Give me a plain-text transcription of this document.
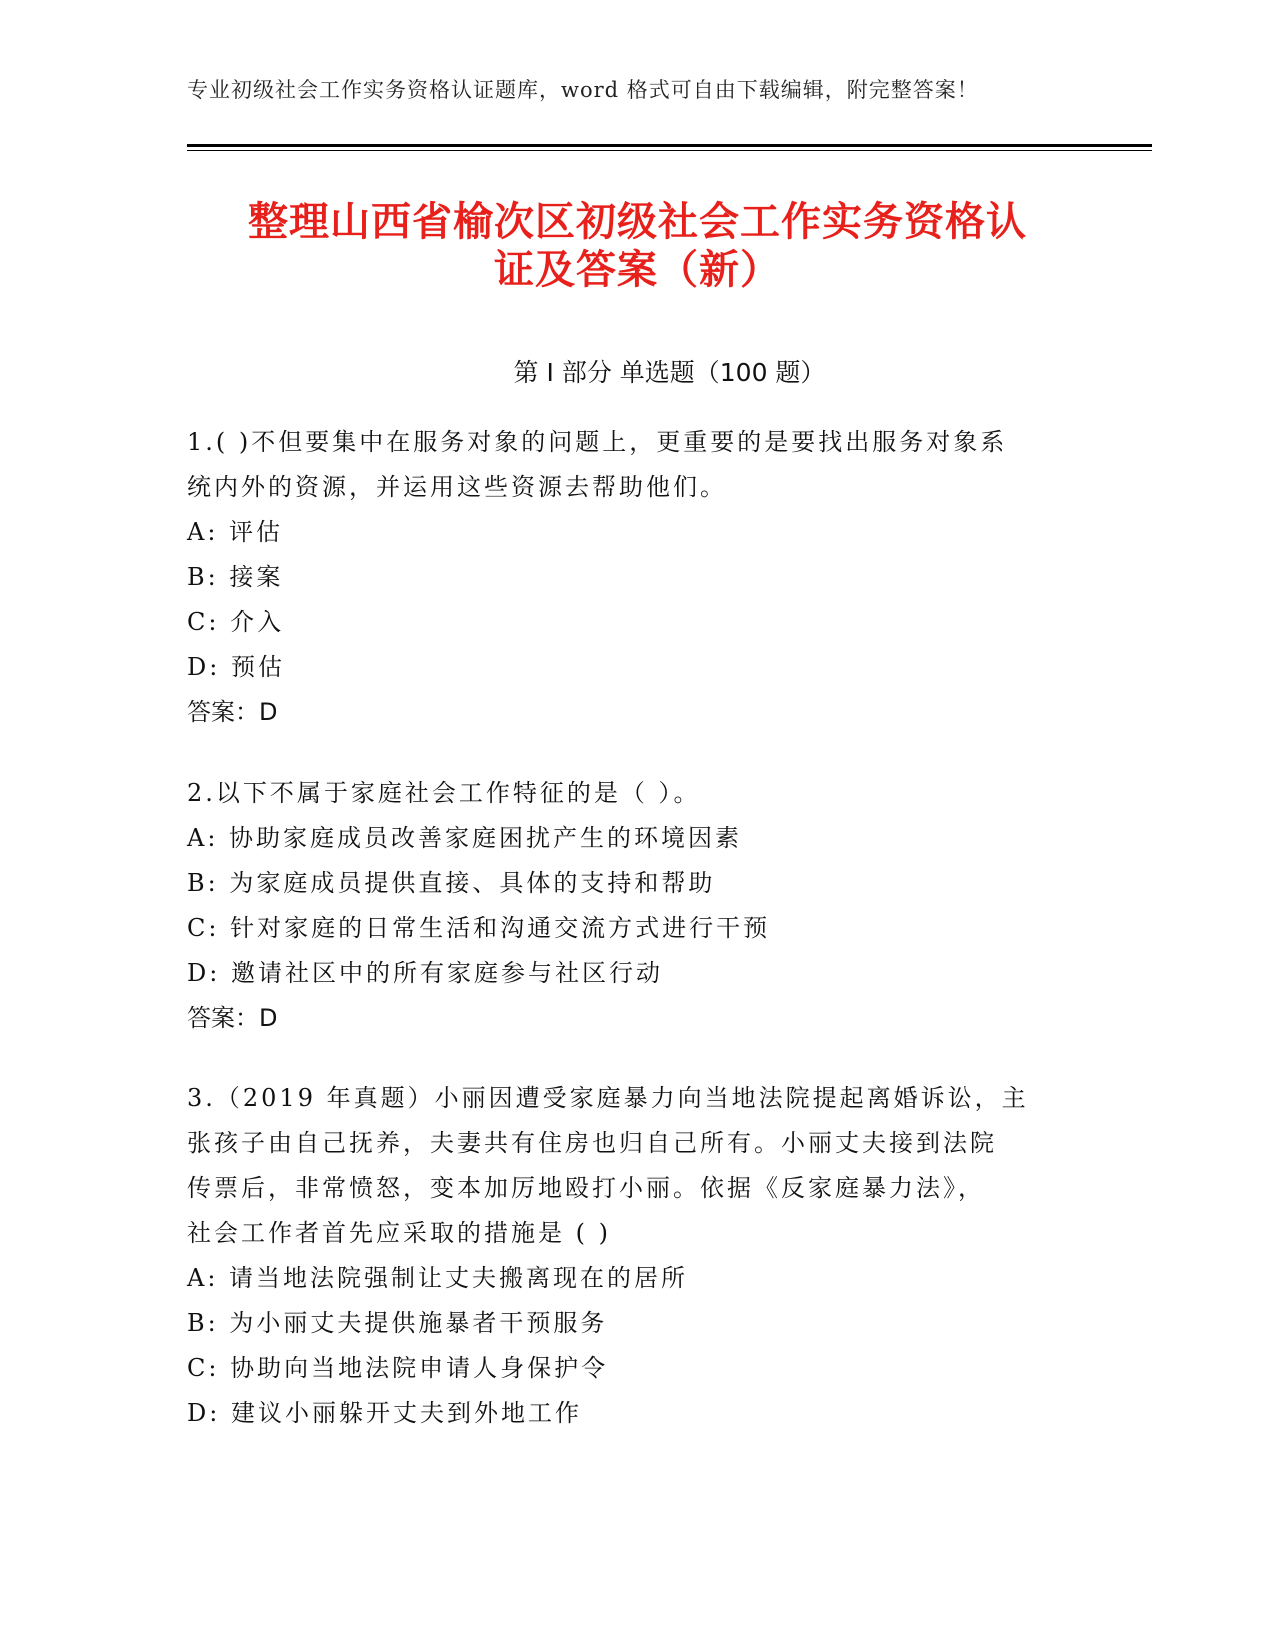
专业初级社会工作实务资格认证题库，word 格式可自由下载编辑，附完整答案！
整理山西省榆次区初级社会工作实务资格认
证及答案（新）
第 I 部分 单选题（100 题）

1.( )不但要集中在服务对象的问题上，更重要的是要找出服务对象系

统内外的资源，并运用这些资源去帮助他们。

A: 评估

B: 接案

C: 介入

D: 预估

答案：D

2.以下不属于家庭社会工作特征的是（ ）。

A: 协助家庭成员改善家庭困扰产生的环境因素

B: 为家庭成员提供直接、具体的支持和帮助

C: 针对家庭的日常生活和沟通交流方式进行干预

D: 邀请社区中的所有家庭参与社区行动

答案：D

3.（2019 年真题）小丽因遭受家庭暴力向当地法院提起离婚诉讼，主

张孩子由自己抚养，夫妻共有住房也归自己所有。小丽丈夫接到法院

传票后，非常愤怒，变本加厉地殴打小丽。依据《反家庭暴力法》，

社会工作者首先应采取的措施是 ( )

A: 请当地法院强制让丈夫搬离现在的居所

B: 为小丽丈夫提供施暴者干预服务

C: 协助向当地法院申请人身保护令

D: 建议小丽躲开丈夫到外地工作
